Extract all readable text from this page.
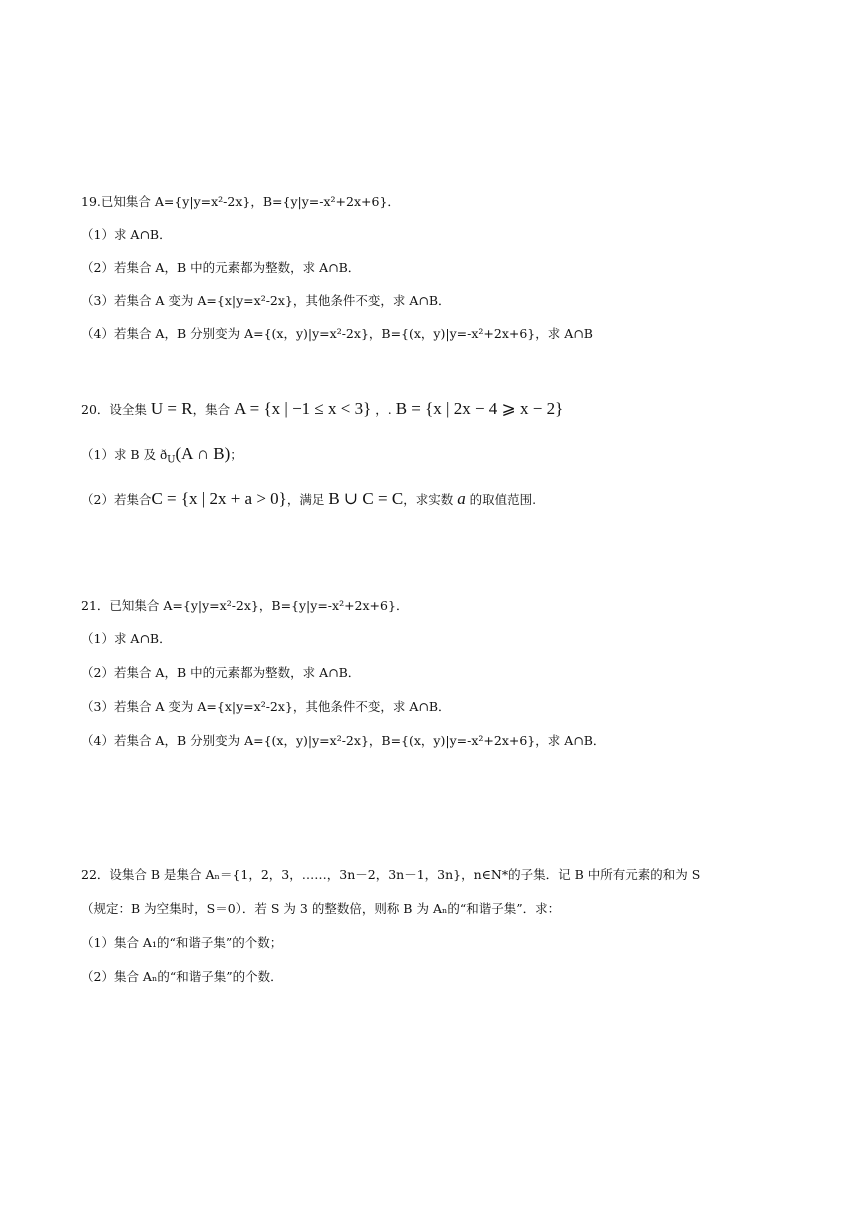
19.已知集合 A={y|y=x²-2x}，B={y|y=-x²+2x+6}．
（1）求 A∩B．
（2）若集合 A，B 中的元素都为整数，求 A∩B．
（3）若集合 A 变为 A={x|y=x²-2x}，其他条件不变，求 A∩B．
（4）若集合 A，B 分别变为 A={(x，y)|y=x²-2x}，B={(x，y)|y=-x²+2x+6}，求 A∩B
20．设全集 U = R，集合 A = {x | −1 ≤ x < 3} ，. B = {x | 2x − 4 ⩾ x − 2}
（1）求 B 及 $ð_U(A$ ∩ B)；
（2）若集合C = {x | 2x + a > 0}，满足 B ∪ C = C，求实数 a 的取值范围.
21．已知集合 A={y|y=x²-2x}，B={y|y=-x²+2x+6}．
（1）求 A∩B．
（2）若集合 A，B 中的元素都为整数，求 A∩B．
（3）若集合 A 变为 A={x|y=x²-2x}，其他条件不变，求 A∩B．
（4）若集合 A，B 分别变为 A={(x，y)|y=x²-2x}，B={(x，y)|y=-x²+2x+6}，求 A∩B．
22．设集合 B 是集合 Aₙ＝{1，2，3，……，3n－2，3n－1，3n}，n∈N*的子集．记 B 中所有元素的和为 S
（规定：B 为空集时，S＝0）．若 S 为 3 的整数倍，则称 B 为 Aₙ的“和谐子集”．求：
（1）集合 A₁的“和谐子集”的个数；
（2）集合 Aₙ的“和谐子集”的个数．
